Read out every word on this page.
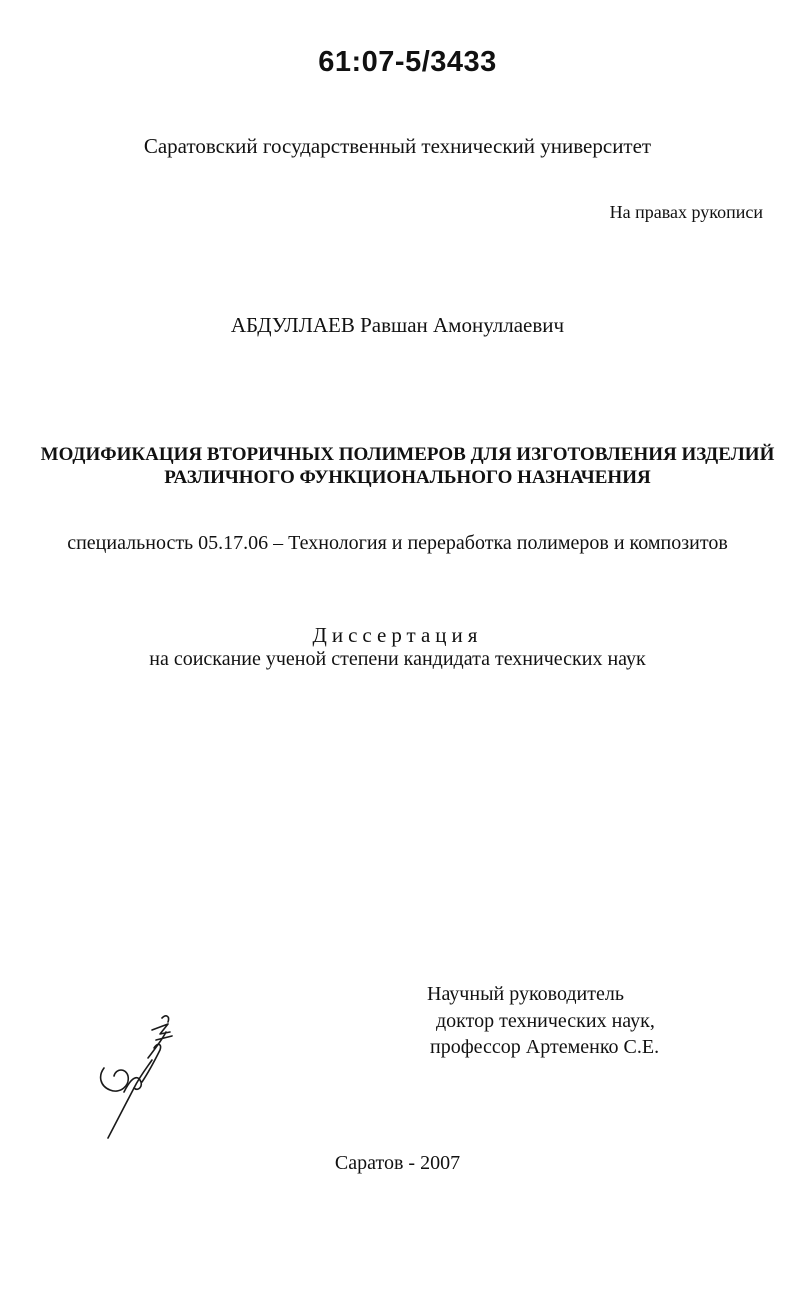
61:07-5/3433
Саратовский государственный технический университет
На правах рукописи
АБДУЛЛАЕВ Равшан Амонуллаевич
МОДИФИКАЦИЯ ВТОРИЧНЫХ ПОЛИМЕРОВ ДЛЯ ИЗГОТОВЛЕНИЯ ИЗДЕЛИЙ
РАЗЛИЧНОГО ФУНКЦИОНАЛЬНОГО НАЗНАЧЕНИЯ
специальность 05.17.06 – Технология и переработка полимеров и композитов
Диссертация
на соискание ученой степени кандидата технических наук
Научный руководитель
доктор технических наук,
профессор Артеменко С.Е.
Саратов - 2007
